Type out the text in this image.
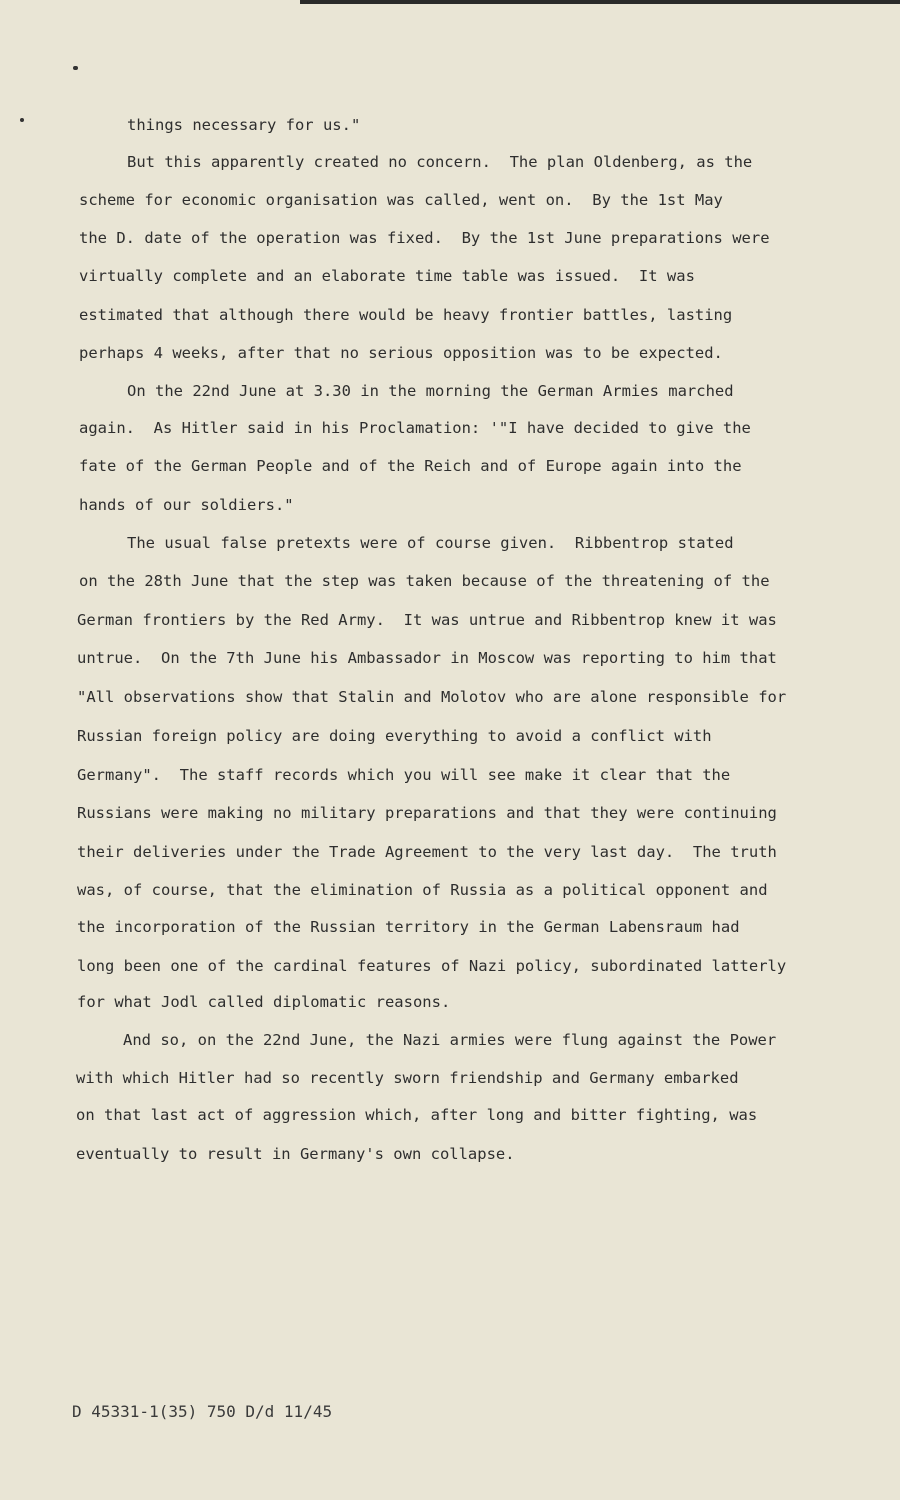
things necessary for us."
But this apparently created no concern.  The plan Oldenberg, as the
scheme for economic organisation was called, went on.  By the 1st May
the D. date of the operation was fixed.  By the 1st June preparations were
virtually complete and an elaborate time table was issued.  It was
estimated that although there would be heavy frontier battles, lasting
perhaps 4 weeks, after that no serious opposition was to be expected.
On the 22nd June at 3.30 in the morning the German Armies marched
again.  As Hitler said in his Proclamation: '"I have decided to give the
fate of the German People and of the Reich and of Europe again into the
hands of our soldiers."
The usual false pretexts were of course given.  Ribbentrop stated
on the 28th June that the step was taken because of the threatening of the
German frontiers by the Red Army.  It was untrue and Ribbentrop knew it was
untrue.  On the 7th June his Ambassador in Moscow was reporting to him that
"All observations show that Stalin and Molotov who are alone responsible for
Russian foreign policy are doing everything to avoid a conflict with
Germany".  The staff records which you will see make it clear that the
Russians were making no military preparations and that they were continuing
their deliveries under the Trade Agreement to the very last day.  The truth
was, of course, that the elimination of Russia as a political opponent and
the incorporation of the Russian territory in the German Labensraum had
long been one of the cardinal features of Nazi policy, subordinated latterly
for what Jodl called diplomatic reasons.
And so, on the 22nd June, the Nazi armies were flung against the Power
with which Hitler had so recently sworn friendship and Germany embarked
on that last act of aggression which, after long and bitter fighting, was
eventually to result in Germany's own collapse.
D 45331-1(35) 750 D/d 11/45
